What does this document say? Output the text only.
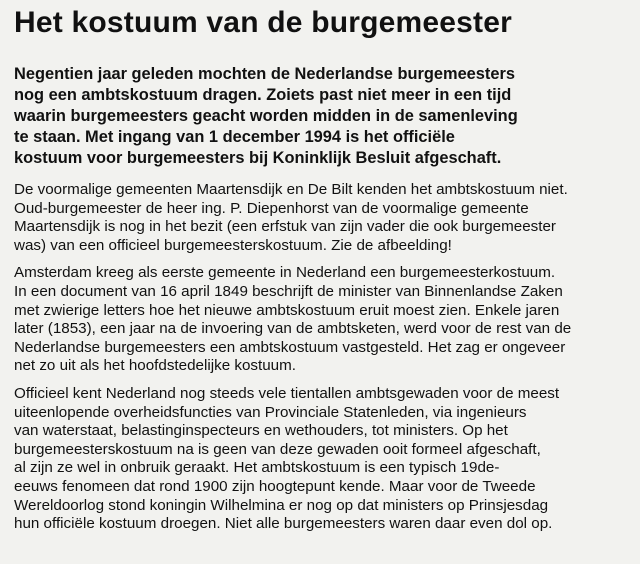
Het kostuum van de burgemeester

Negentien jaar geleden mochten de Nederlandse burgemeesters
nog een ambtskostuum dragen. Zoiets past niet meer in een tijd
waarin burgemeesters geacht worden midden in de samenleving
te staan. Met ingang van 1 december 1994 is het officiële
kostuum voor burgemeesters bij Koninklijk Besluit afgeschaft.

De voormalige gemeenten Maartensdijk en De Bilt kenden het ambtskostuum niet.
Oud-burgemeester de heer ing. P. Diepenhorst van de voormalige gemeente
Maartensdijk is nog in het bezit (een erfstuk van zijn vader die ook burgemeester
was) van een officieel burgemeesterskostuum. Zie de afbeelding!

Amsterdam kreeg als eerste gemeente in Nederland een burgemeesterkostuum.
In een document van 16 april 1849 beschrijft de minister van Binnenlandse Zaken
met zwierige letters hoe het nieuwe ambtskostuum eruit moest zien. Enkele jaren
later (1853), een jaar na de invoering van de ambtsketen, werd voor de rest van de
Nederlandse burgemeesters een ambtskostuum vastgesteld. Het zag er ongeveer
net zo uit als het hoofdstedelijke kostuum.

Officieel kent Nederland nog steeds vele tientallen ambtsgewaden voor de meest
uiteenlopende overheidsfuncties van Provinciale Statenleden, via ingenieurs
van waterstaat, belastinginspecteurs en wethouders, tot ministers. Op het
burgemeesterskostuum na is geen van deze gewaden ooit formeel afgeschaft,
al zijn ze wel in onbruik geraakt. Het ambtskostuum is een typisch 19de-
eeuws fenomeen dat rond 1900 zijn hoogtepunt kende. Maar voor de Tweede
Wereldoorlog stond koningin Wilhelmina er nog op dat ministers op Prinsjesdag
hun officiële kostuum droegen. Niet alle burgemeesters waren daar even dol op.
